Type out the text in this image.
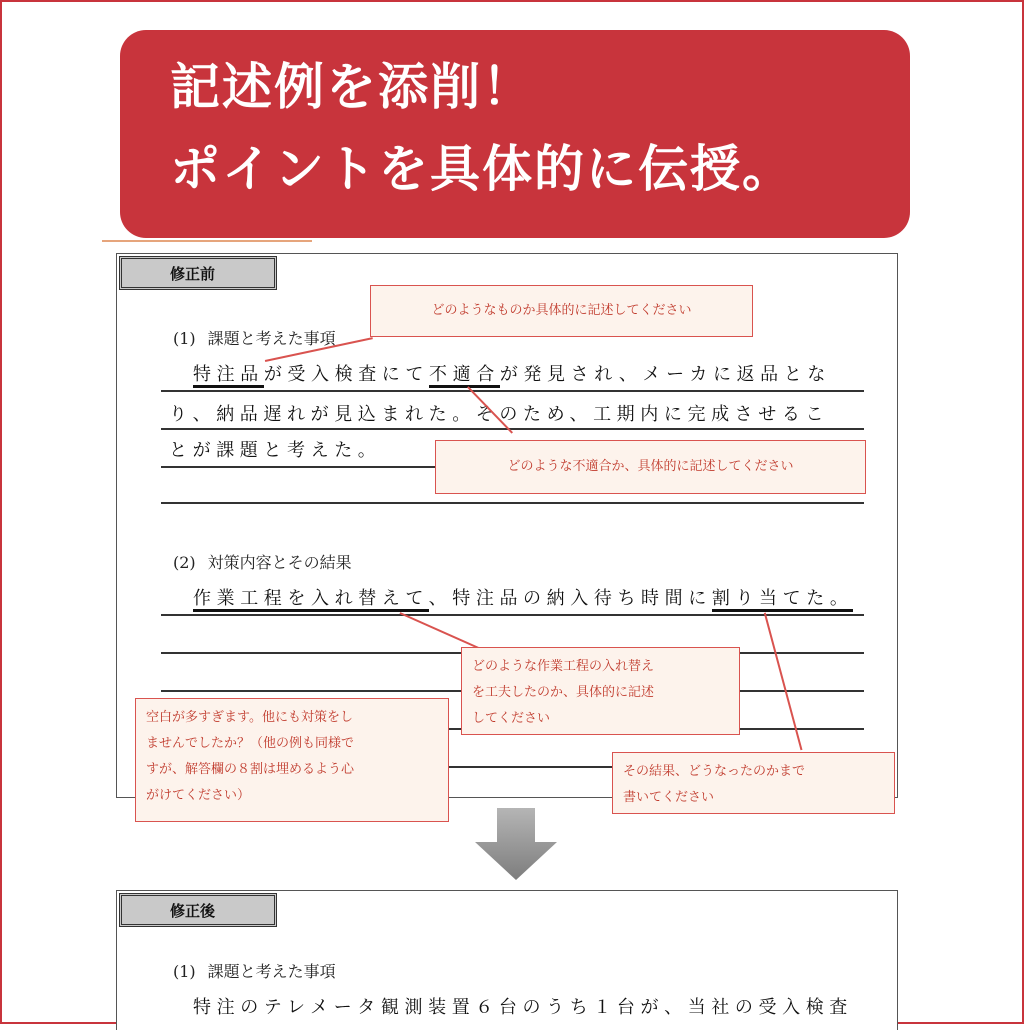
記述例を添削！
ポイントを具体的に伝授。
修正前
(1) 課題と考えた事項
特注品が受入検査にて不適合が発見され、メーカに返品とな
り、納品遅れが見込まれた。そのため、工期内に完成させるこ
とが課題と考えた。
(2) 対策内容とその結果
作業工程を入れ替えて、特注品の納入待ち時間に割り当てた。
どのようなものか具体的に記述してください
どのような不適合か、具体的に記述してください
どのような作業工程の入れ替え
を工夫したのか、具体的に記述
してください
空白が多すぎます。他にも対策をし
ませんでしたか？（他の例も同様で
すが、解答欄の８割は埋めるよう心
がけてください）
その結果、どうなったのかまで
書いてください
修正後
(1) 課題と考えた事項
特注のテレメータ観測装置６台のうち１台が、当社の受入検査
